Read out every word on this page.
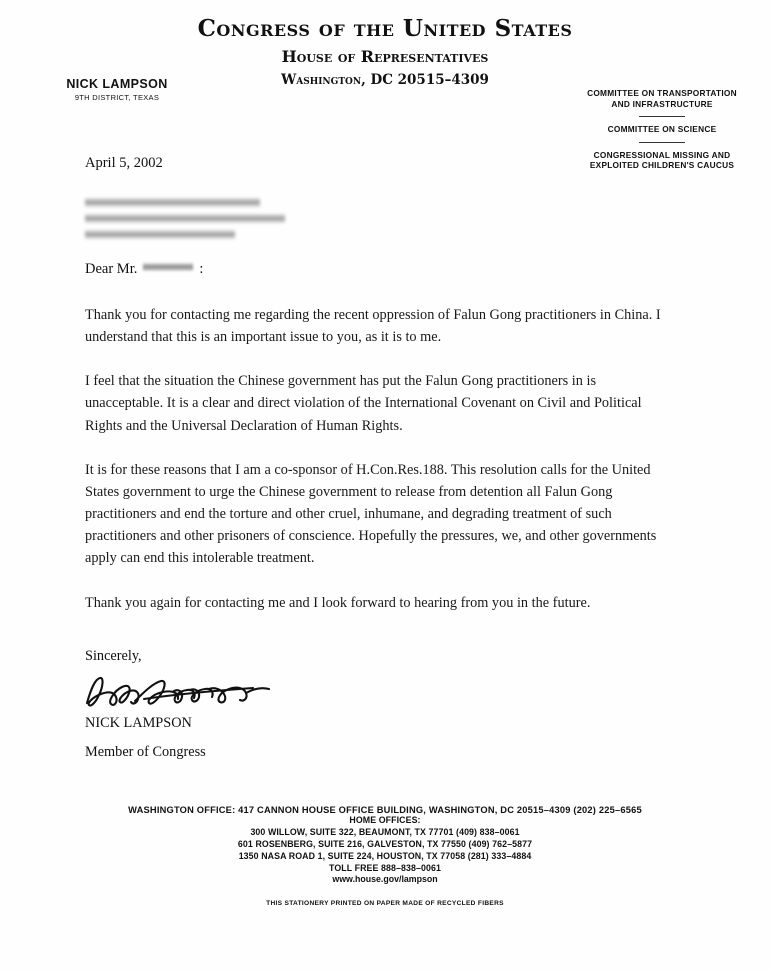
Congress of the United States
House of Representatives
Washington, DC 20515–4309
NICK LAMPSON
9TH DISTRICT, TEXAS	COMMITTEE ON TRANSPORTATION AND INFRASTRUCTURE
COMMITTEE ON SCIENCE
CONGRESSIONAL MISSING AND EXPLOITED CHILDREN'S CAUCUS
April 5, 2002
Dear Mr.	:

Thank you for contacting me regarding the recent oppression of Falun Gong practitioners in China. I understand that this is an important issue to you, as it is to me.

I feel that the situation the Chinese government has put the Falun Gong practitioners in is unacceptable. It is a clear and direct violation of the International Covenant on Civil and Political Rights and the Universal Declaration of Human Rights.

It is for these reasons that I am a co-sponsor of H.Con.Res.188. This resolution calls for the United States government to urge the Chinese government to release from detention all Falun Gong practitioners and end the torture and other cruel, inhumane, and degrading treatment of such practitioners and other prisoners of conscience. Hopefully the pressures, we, and other governments apply can end this intolerable treatment.

Thank you again for contacting me and I look forward to hearing from you in the future.

Sincerely,
NICK LAMPSON
Member of Congress
WASHINGTON OFFICE: 417 CANNON HOUSE OFFICE BUILDING, WASHINGTON, DC 20515–4309 (202) 225–6565
HOME OFFICES:
300 WILLOW, SUITE 322, BEAUMONT, TX 77701 (409) 838–0061
601 ROSENBERG, SUITE 216, GALVESTON, TX 77550 (409) 762–5877
1350 NASA ROAD 1, SUITE 224, HOUSTON, TX 77058 (281) 333–4884
TOLL FREE 888–838–0061
www.house.gov/lampson
THIS STATIONERY PRINTED ON PAPER MADE OF RECYCLED FIBERS
